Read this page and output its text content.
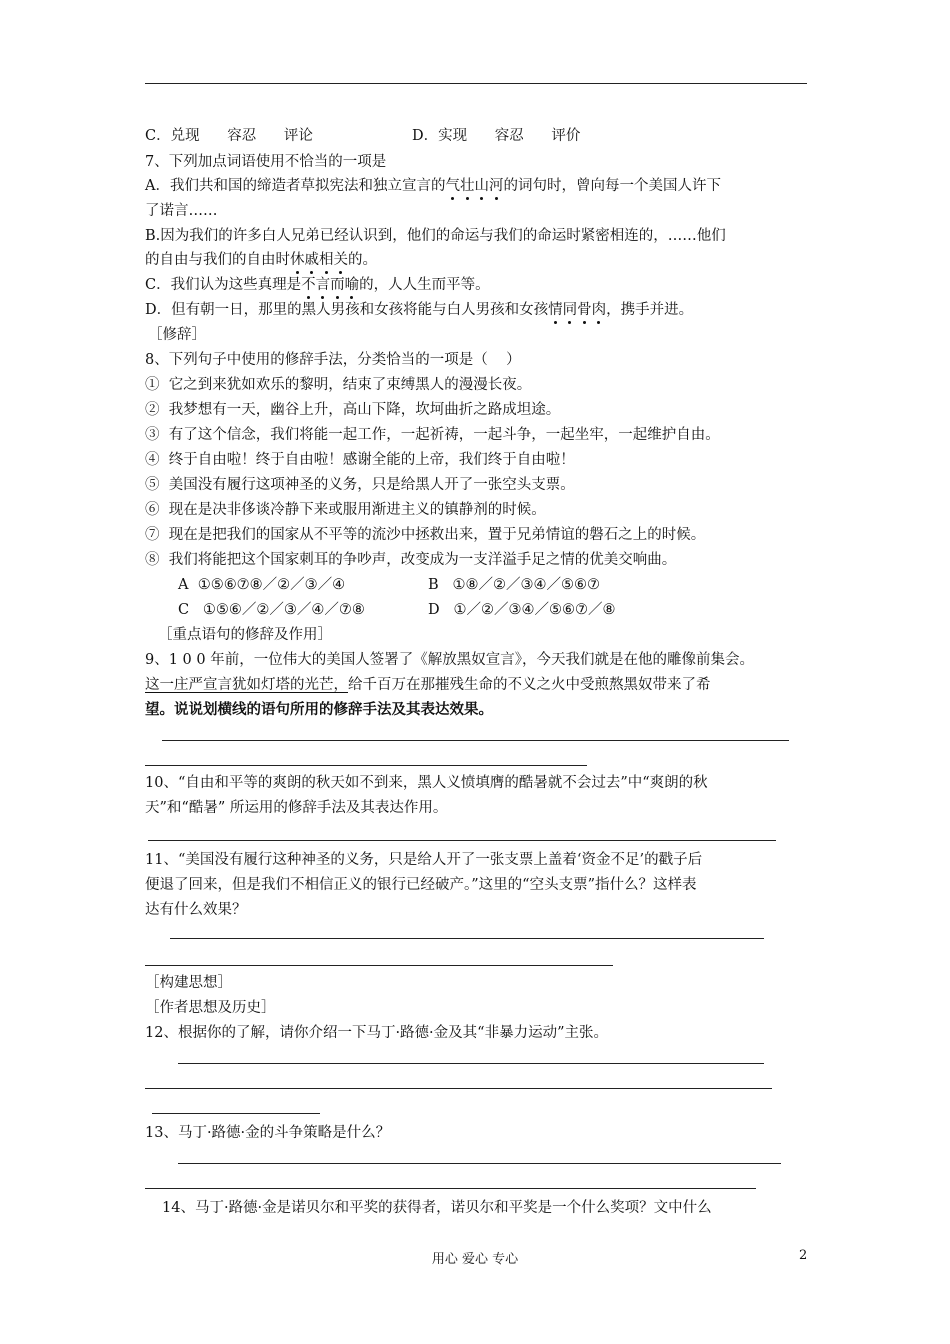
C．兑现      容忍      评论	D．实现      容忍      评价
7、下列加点词语使用不恰当的一项是
A．我们共和国的缔造者草拟宪法和独立宣言的气壮山河的词句时，曾向每一个美国人许下
了诺言……
B.因为我们的许多白人兄弟已经认识到，他们的命运与我们的命运时紧密相连的，……他们
的自由与我们的自由时休戚相关的。
C．我们认为这些真理是不言而喻的，人人生而平等。
D．但有朝一日，那里的黑人男孩和女孩将能与白人男孩和女孩情同骨肉，携手并进。
［修辞］
8、下列句子中使用的修辞手法，分类恰当的一项是（    ）
①  它之到来犹如欢乐的黎明，结束了束缚黑人的漫漫长夜。
②  我梦想有一天，幽谷上升，高山下降，坎坷曲折之路成坦途。
③  有了这个信念，我们将能一起工作，一起祈祷，一起斗争，一起坐牢，一起维护自由。
④  终于自由啦！终于自由啦！感谢全能的上帝，我们终于自由啦！
⑤  美国没有履行这项神圣的义务，只是给黑人开了一张空头支票。
⑥  现在是决非侈谈冷静下来或服用渐进主义的镇静剂的时候。
⑦  现在是把我们的国家从不平等的流沙中拯救出来，置于兄弟情谊的磐石之上的时候。
⑧  我们将能把这个国家刺耳的争吵声，改变成为一支洋溢手足之情的优美交响曲。
A  ①⑤⑥⑦⑧／②／③／④	B   ①⑧／②／③④／⑤⑥⑦
C   ①⑤⑥／②／③／④／⑦⑧	D   ①／②／③④／⑤⑥⑦／⑧
［重点语句的修辞及作用］
9、1 0 0 年前，一位伟大的美国人签署了《解放黑奴宣言》，今天我们就是在他的雕像前集会。
这一庄严宣言犹如灯塔的光芒，给千百万在那摧残生命的不义之火中受煎熬黑奴带来了希
望。说说划横线的语句所用的修辞手法及其表达效果。
10、“自由和平等的爽朗的秋天如不到来，黑人义愤填膺的酷暑就不会过去”中“爽朗的秋
天”和“酷暑” 所运用的修辞手法及其表达作用。
11、“美国没有履行这种神圣的义务，只是给人开了一张支票上盖着‘资金不足’的戳子后
便退了回来，但是我们不相信正义的银行已经破产。”这里的“空头支票”指什么？这样表
达有什么效果？
［构建思想］
［作者思想及历史］
12、根据你的了解，请你介绍一下马丁·路德·金及其“非暴力运动”主张。
13、马丁·路德·金的斗争策略是什么？
14、马丁·路德·金是诺贝尔和平奖的获得者，诺贝尔和平奖是一个什么奖项？文中什么
用心 爱心 专心	2
